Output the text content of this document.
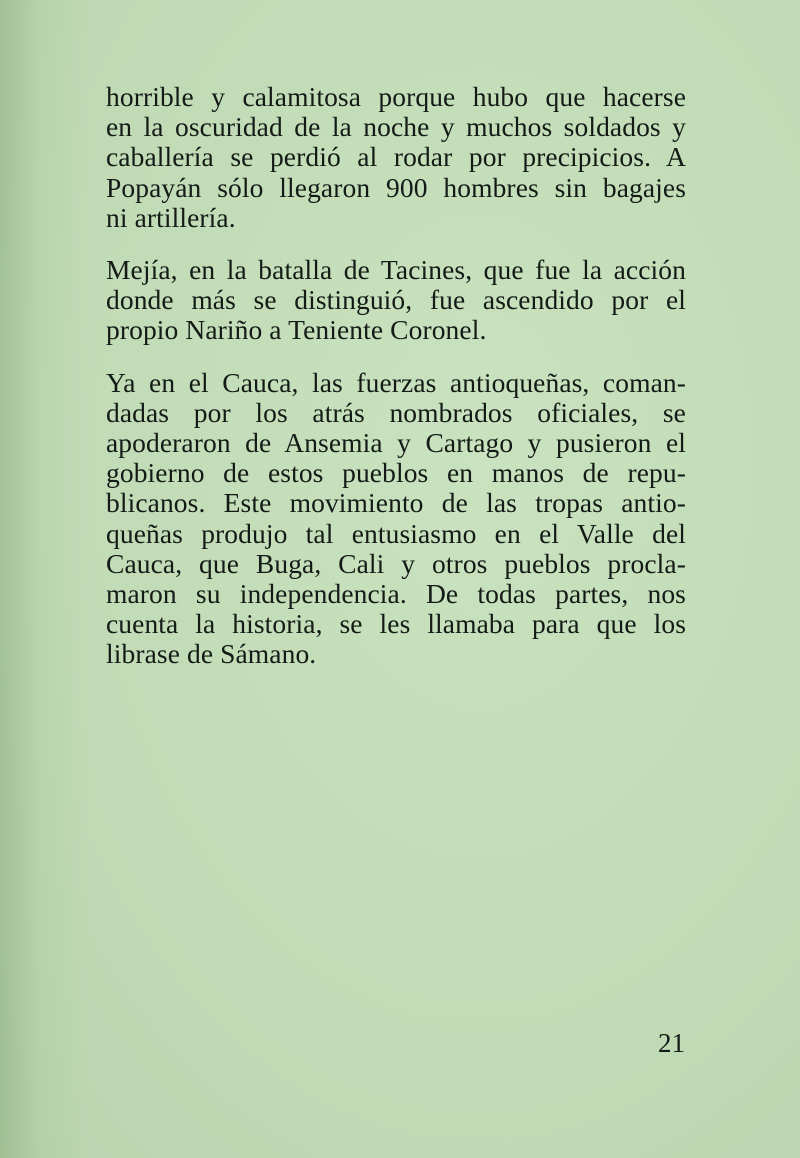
horrible y calamitosa porque hubo que hacerse
en la oscuridad de la noche y muchos soldados y
caballería se perdió al rodar por precipicios. A
Popayán sólo llegaron 900 hombres sin bagajes
ni artillería.

Mejía, en la batalla de Tacines, que fue la acción
donde más se distinguió, fue ascendido por el
propio Nariño a Teniente Coronel.

Ya en el Cauca, las fuerzas antioqueñas, coman-
dadas por los atrás nombrados oficiales, se
apoderaron de Ansemia y Cartago y pusieron el
gobierno de estos pueblos en manos de repu-
blicanos. Este movimiento de las tropas antio-
queñas produjo tal entusiasmo en el Valle del
Cauca, que Buga, Cali y otros pueblos procla-
maron su independencia. De todas partes, nos
cuenta la historia, se les llamaba para que los
librase de Sámano.

21
